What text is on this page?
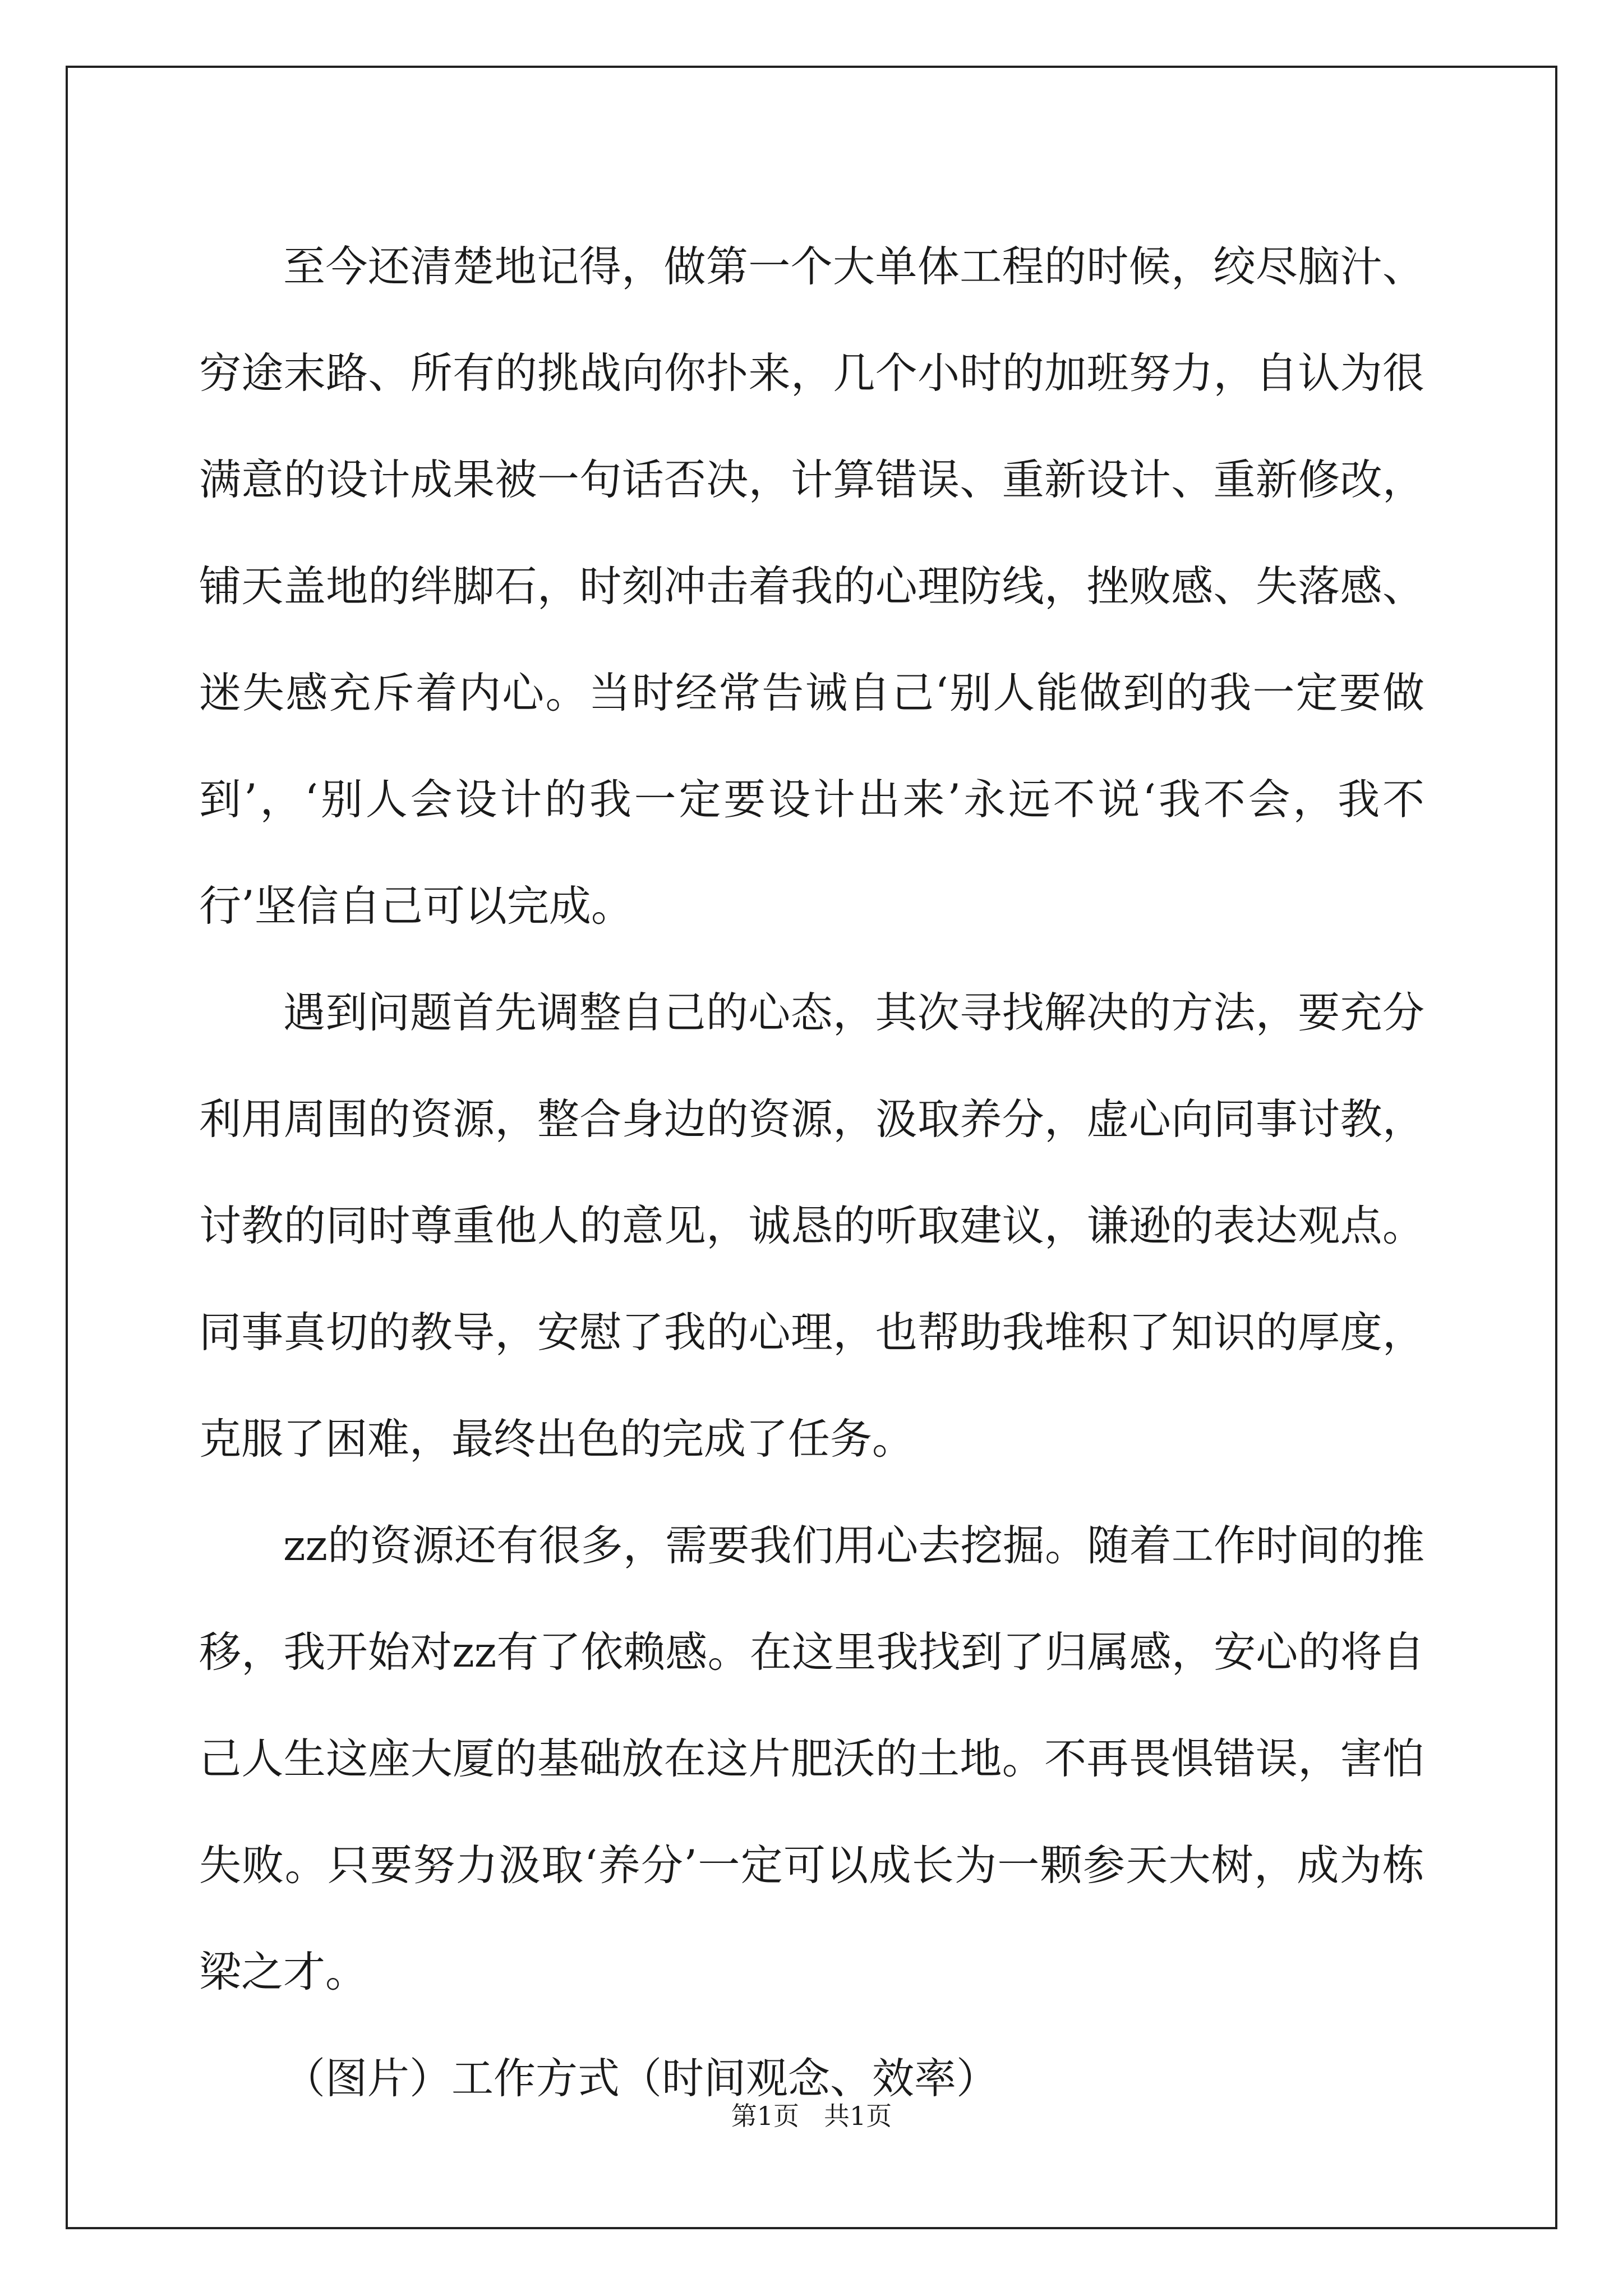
至今还清楚地记得，做第一个大单体工程的时候，绞尽脑汁、穷途末路、所有的挑战向你扑来，几个小时的加班努力，自认为很满意的设计成果被一句话否决，计算错误、重新设计、重新修改，铺天盖地的绊脚石，时刻冲击着我的心理防线，挫败感、失落感、迷失感充斥着内心。当时经常告诫自己‘别人能做到的我一定要做到’，‘别人会设计的我一定要设计出来’永远不说‘我不会，我不行’坚信自己可以完成。

遇到问题首先调整自己的心态，其次寻找解决的方法，要充分利用周围的资源，整合身边的资源，汲取养分，虚心向同事讨教，讨教的同时尊重他人的意见，诚恳的听取建议，谦逊的表达观点。同事真切的教导，安慰了我的心理，也帮助我堆积了知识的厚度，克服了困难，最终出色的完成了任务。

zz的资源还有很多，需要我们用心去挖掘。随着工作时间的推移，我开始对zz有了依赖感。在这里我找到了归属感，安心的将自己人生这座大厦的基础放在这片肥沃的土地。不再畏惧错误，害怕失败。只要努力汲取‘养分’一定可以成长为一颗参天大树，成为栋梁之才。

（图片）工作方式（时间观念、效率）

第1页 共1页
